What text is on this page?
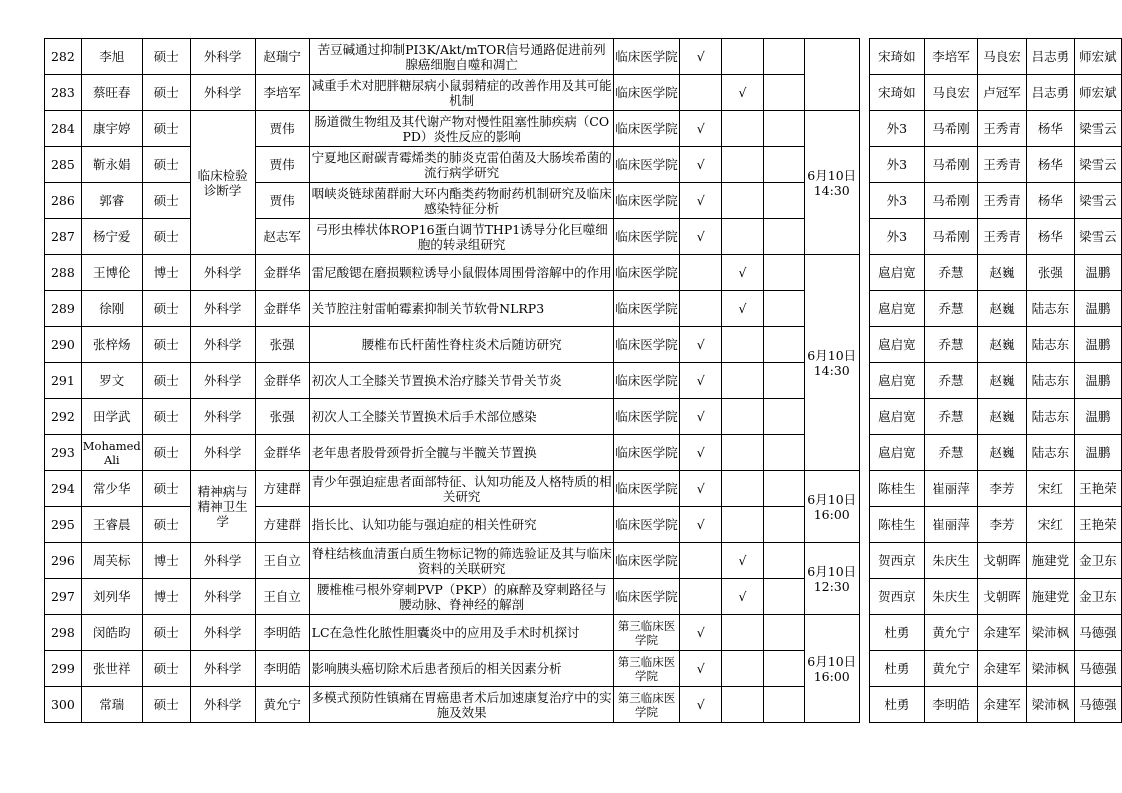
282	李旭	硕士	外科学	赵瑞宁	苦豆碱通过抑制PI3K/Akt/mTOR信号通路促进前列腺癌细胞自噬和凋亡	临床医学院	√					宋琦如	李培军	马良宏	吕志勇	师宏斌
283	蔡旺春	硕士	外科学	李培军	减重手术对肥胖糖尿病小鼠弱精症的改善作用及其可能机制	临床医学院		√				宋琦如	马良宏	卢冠军	吕志勇	师宏斌
284	康宇婷	硕士	临床检验诊断学	贾伟	肠道微生物组及其代谢产物对慢性阻塞性肺疾病（COPD）炎性反应的影响	临床医学院	√			6月10日 14:30		外3	马希刚	王秀青	杨华	梁雪云
285	靳永娟	硕士		贾伟	宁夏地区耐碳青霉烯类的肺炎克雷伯菌及大肠埃希菌的流行病学研究	临床医学院	√					外3	马希刚	王秀青	杨华	梁雪云
286	郭睿	硕士		贾伟	咽峡炎链球菌群耐大环内酯类药物耐药机制研究及临床感染特征分析	临床医学院	√					外3	马希刚	王秀青	杨华	梁雪云
287	杨宁爱	硕士		赵志军	弓形虫棒状体ROP16蛋白调节THP1诱导分化巨噬细胞的转录组研究	临床医学院	√					外3	马希刚	王秀青	杨华	梁雪云
288	王博伦	博士	外科学	金群华	雷尼酸锶在磨损颗粒诱导小鼠假体周围骨溶解中的作用	临床医学院		√		6月10日 14:30		扈启宽	乔慧	赵巍	张强	温鹏
289	徐刚	硕士	外科学	金群华	关节腔注射雷帕霉素抑制关节软骨NLRP3	临床医学院		√				扈启宽	乔慧	赵巍	陆志东	温鹏
290	张梓炀	硕士	外科学	张强	腰椎布氏杆菌性脊柱炎术后随访研究	临床医学院	√					扈启宽	乔慧	赵巍	陆志东	温鹏
291	罗文	硕士	外科学	金群华	初次人工全膝关节置换术治疗膝关节骨关节炎	临床医学院	√					扈启宽	乔慧	赵巍	陆志东	温鹏
292	田学武	硕士	外科学	张强	初次人工全膝关节置换术后手术部位感染	临床医学院	√					扈启宽	乔慧	赵巍	陆志东	温鹏
293	Mohamed Ali	硕士	外科学	金群华	老年患者股骨颈骨折全髋与半髋关节置换	临床医学院	√					扈启宽	乔慧	赵巍	陆志东	温鹏
294	常少华	硕士	精神病与精神卫生学	方建群	青少年强迫症患者面部特征、认知功能及人格特质的相关研究	临床医学院	√			6月10日 16:00		陈桂生	崔丽萍	李芳	宋红	王艳荣
295	王睿晨	硕士		方建群	指长比、认知功能与强迫症的相关性研究	临床医学院	√					陈桂生	崔丽萍	李芳	宋红	王艳荣
296	周芙标	博士	外科学	王自立	脊柱结核血清蛋白质生物标记物的筛选验证及其与临床资料的关联研究	临床医学院		√		6月10日 12:30		贺西京	朱庆生	戈朝晖	施建党	金卫东
297	刘列华	博士	外科学	王自立	腰椎椎弓根外穿刺PVP（PKP）的麻醉及穿刺路径与腰动脉、脊神经的解剖	临床医学院		√				贺西京	朱庆生	戈朝晖	施建党	金卫东
298	闵皓昀	硕士	外科学	李明皓	LC在急性化脓性胆囊炎中的应用及手术时机探讨	第三临床医学院	√			6月10日 16:00		杜勇	黄允宁	余建军	梁沛枫	马德强
299	张世祥	硕士	外科学	李明皓	影响胰头癌切除术后患者预后的相关因素分析	第三临床医学院	√					杜勇	黄允宁	余建军	梁沛枫	马德强
300	常瑞	硕士	外科学	黄允宁	多模式预防性镇痛在胃癌患者术后加速康复治疗中的实施及效果	第三临床医学院	√					杜勇	李明皓	余建军	梁沛枫	马德强
